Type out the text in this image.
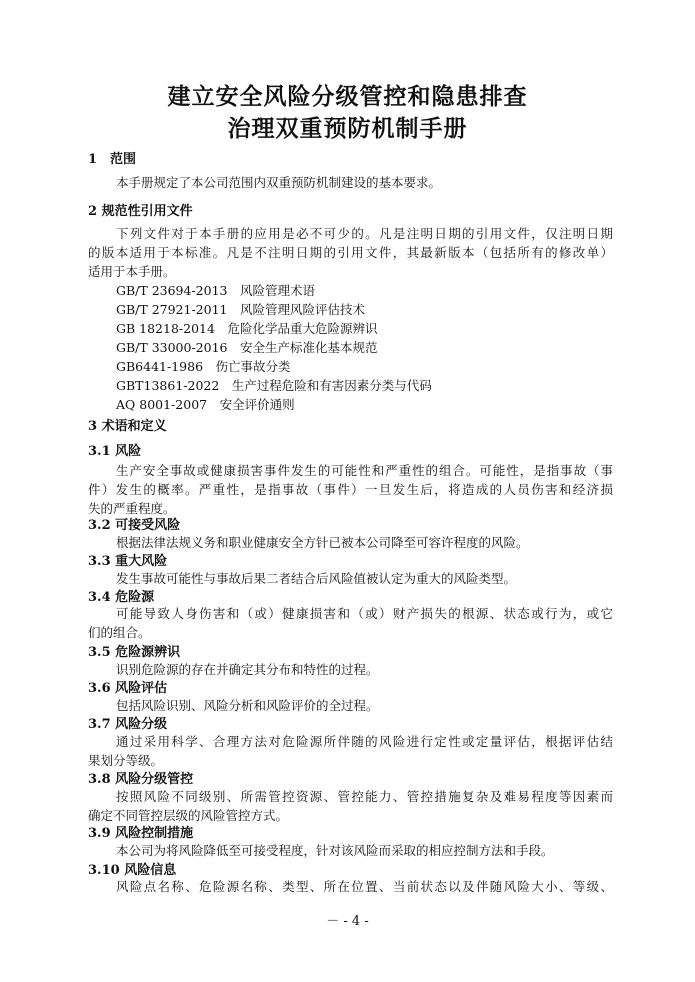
建立安全风险分级管控和隐患排查
治理双重预防机制手册
1　范围
本手册规定了本公司范围内双重预防机制建设的基本要求。
2 规范性引用文件
下列文件对于本手册的应用是必不可少的。凡是注明日期的引用文件，仅注明日期
的版本适用于本标准。凡是不注明日期的引用文件，其最新版本（包括所有的修改单）
适用于本手册。
GB/T 23694-2013　风险管理术语
GB/T 27921-2011　风险管理风险评估技术
GB 18218-2014　危险化学品重大危险源辨识
GB/T 33000-2016　安全生产标准化基本规范
GB6441-1986　伤亡事故分类
GBT13861-2022　生产过程危险和有害因素分类与代码
AQ 8001-2007　安全评价通则
3 术语和定义
3.1 风险
生产安全事故或健康损害事件发生的可能性和严重性的组合。可能性，是指事故（事
件）发生的概率。严重性，是指事故（事件）一旦发生后，将造成的人员伤害和经济损
失的严重程度。
3.2 可接受风险
根据法律法规义务和职业健康安全方针已被本公司降至可容许程度的风险。
3.3 重大风险
发生事故可能性与事故后果二者结合后风险值被认定为重大的风险类型。
3.4 危险源
可能导致人身伤害和（或）健康损害和（或）财产损失的根源、状态或行为，或它
们的组合。
3.5 危险源辨识
识别危险源的存在并确定其分布和特性的过程。
3.6 风险评估
包括风险识别、风险分析和风险评价的全过程。
3.7 风险分级
通过采用科学、合理方法对危险源所伴随的风险进行定性或定量评估，根据评估结
果划分等级。
3.8 风险分级管控
按照风险不同级别、所需管控资源、管控能力、管控措施复杂及难易程度等因素而
确定不同管控层级的风险管控方式。
3.9 风险控制措施
本公司为将风险降低至可接受程度，针对该风险而采取的相应控制方法和手段。
3.10 风险信息
风险点名称、危险源名称、类型、所在位置、当前状态以及伴随风险大小、等级、
－ - 4 -
